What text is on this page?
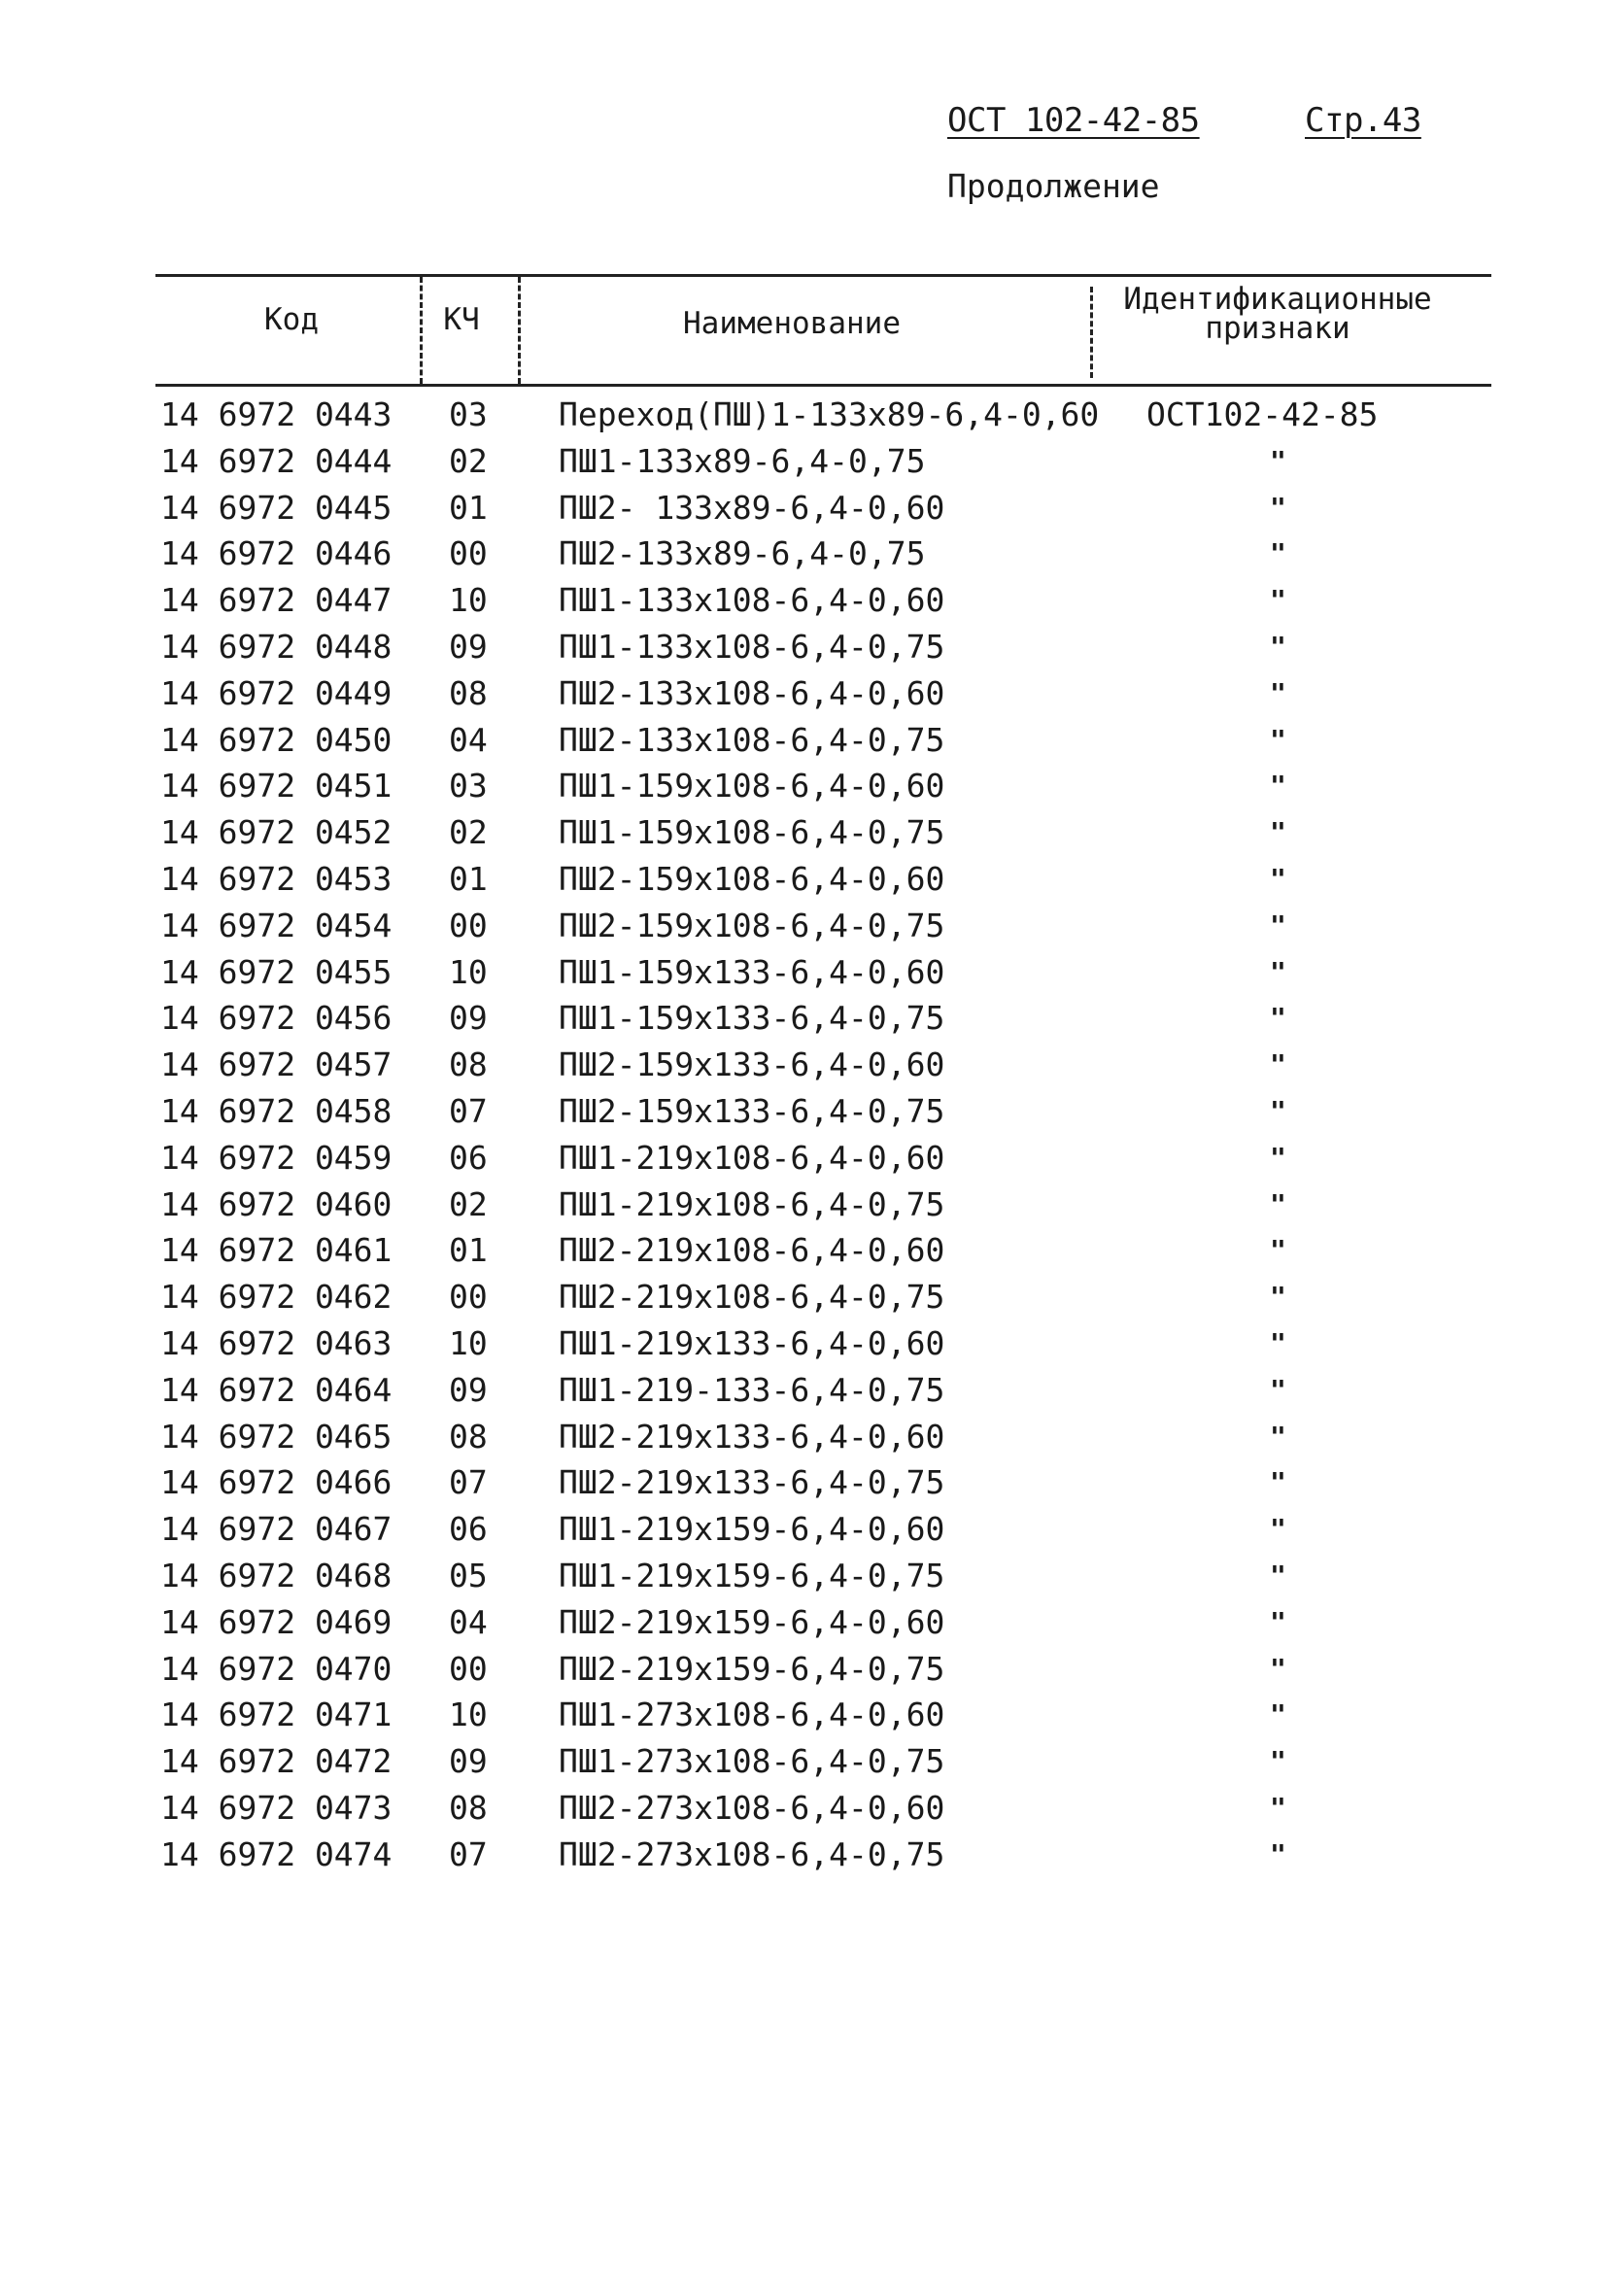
ОСТ 102-42-85	Стр.43
Продолжение
Код	КЧ	Наименование
Идентификационные
признаки
14 6972 0443 03 Переход(ПШ)1-133х89-6,4-0,60 ОСТ102-42-85
14 6972 0444 02 ПШ1-133х89-6,4-0,75	"
14 6972 0445 01 ПШ2- 133х89-6,4-0,60	"
14 6972 0446 00 ПШ2-133х89-6,4-0,75	"
14 6972 0447 10 ПШ1-133х108-6,4-0,60	"
14 6972 0448 09 ПШ1-133х108-6,4-0,75	"
14 6972 0449 08 ПШ2-133х108-6,4-0,60	"
14 6972 0450 04 ПШ2-133х108-6,4-0,75	"
14 6972 0451 03 ПШ1-159х108-6,4-0,60	"
14 6972 0452 02 ПШ1-159х108-6,4-0,75	"
14 6972 0453 01 ПШ2-159х108-6,4-0,60	"
14 6972 0454 00 ПШ2-159х108-6,4-0,75	"
14 6972 0455 10 ПШ1-159х133-6,4-0,60	"
14 6972 0456 09 ПШ1-159х133-6,4-0,75	"
14 6972 0457 08 ПШ2-159х133-6,4-0,60	"
14 6972 0458 07 ПШ2-159х133-6,4-0,75	"
14 6972 0459 06 ПШ1-219х108-6,4-0,60	"
14 6972 0460 02 ПШ1-219х108-6,4-0,75	"
14 6972 0461 01 ПШ2-219х108-6,4-0,60	"
14 6972 0462 00 ПШ2-219х108-6,4-0,75	"
14 6972 0463 10 ПШ1-219х133-6,4-0,60	"
14 6972 0464 09 ПШ1-219-133-6,4-0,75	"
14 6972 0465 08 ПШ2-219х133-6,4-0,60	"
14 6972 0466 07 ПШ2-219х133-6,4-0,75	"
14 6972 0467 06 ПШ1-219х159-6,4-0,60	"
14 6972 0468 05 ПШ1-219х159-6,4-0,75	"
14 6972 0469 04 ПШ2-219х159-6,4-0,60	"
14 6972 0470 00 ПШ2-219х159-6,4-0,75	"
14 6972 0471 10 ПШ1-273х108-6,4-0,60	"
14 6972 0472 09 ПШ1-273х108-6,4-0,75	"
14 6972 0473 08 ПШ2-273х108-6,4-0,60	"
14 6972 0474 07 ПШ2-273х108-6,4-0,75	"
